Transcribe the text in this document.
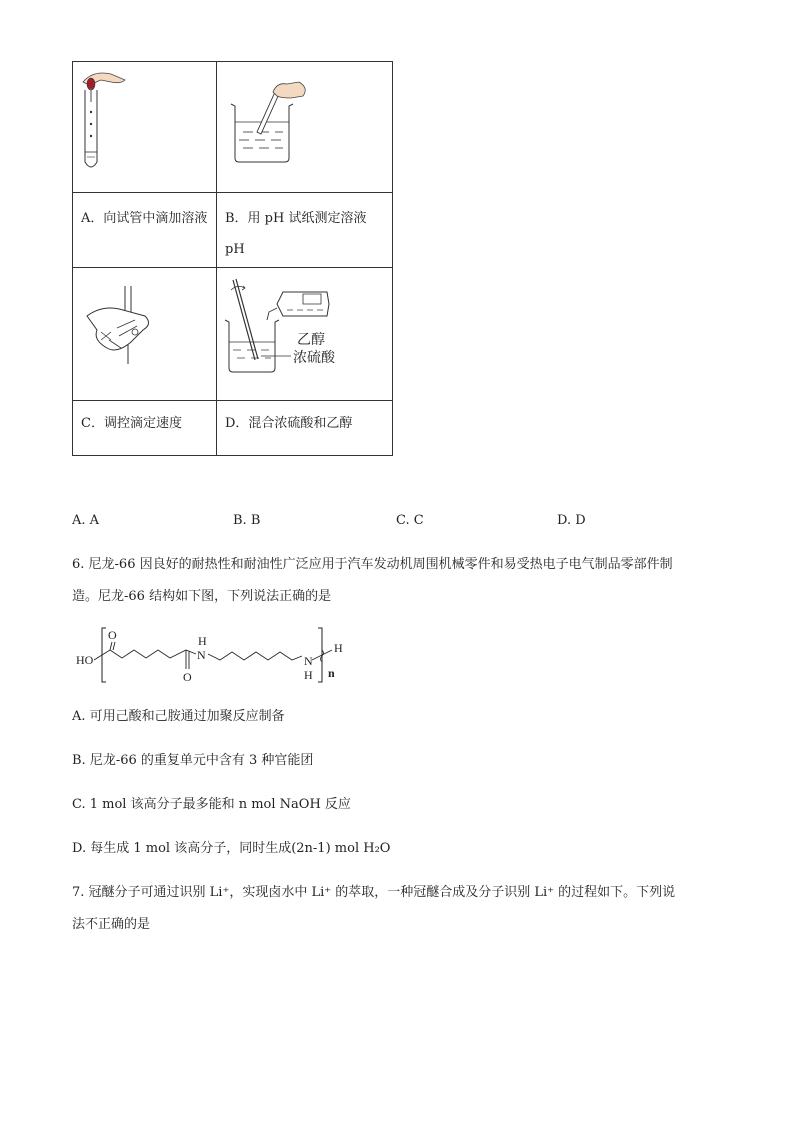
A．向试管中滴加溶液	B．用 pH 试纸测定溶液 pH

乙醇
浓硫酸

C．调控滴定速度	D．混合浓硫酸和乙醇
A. A	B. B	C. C	D. D
6. 尼龙-66 因良好的耐热性和耐油性广泛应用于汽车发动机周围机械零件和易受热电子电气制品零部件制
造。尼龙-66 结构如下图，下列说法正确的是
HO
O
O
H
N	N
H
H
n
A. 可用己酸和己胺通过加聚反应制备
B. 尼龙-66 的重复单元中含有 3 种官能团
C. 1 mol 该高分子最多能和 n mol NaOH 反应
D. 每生成 1 mol 该高分子，同时生成(2n-1) mol H₂O
7. 冠醚分子可通过识别 Li⁺，实现卤水中 Li⁺ 的萃取，一种冠醚合成及分子识别 Li⁺ 的过程如下。下列说
法不正确的是
